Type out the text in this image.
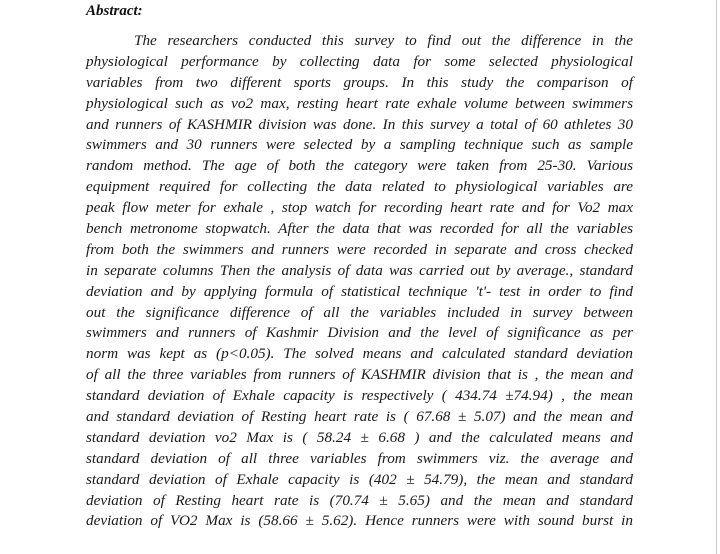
Abstract:
The researchers conducted this survey to find out the difference in the
physiological performance by collecting data for some selected physiological
variables from two different sports groups. In this study the comparison of
physiological such as vo2 max, resting heart rate exhale volume between swimmers
and runners of KASHMIR division was done. In this survey a total of 60 athletes 30
swimmers and 30 runners were selected by a sampling technique such as sample
random method. The age of both the category were taken from 25-30. Various
equipment required for collecting the data related to physiological variables are
peak flow meter for exhale , stop watch for recording heart rate and for Vo2 max
bench metronome stopwatch. After the data that was recorded for all the variables
from both the swimmers and runners were recorded in separate and cross checked
in separate columns Then the analysis of data was carried out by average., standard
deviation and by applying formula of statistical technique 't'- test in order to find
out the significance difference of all the variables included in survey between
swimmers and runners of Kashmir Division and the level of significance as per
norm was kept as (p<0.05). The solved means and calculated standard deviation
of all the three variables from runners of KASHMIR division that is , the mean and
standard deviation of Exhale capacity is respectively ( 434.74 ±74.94) , the mean
and standard deviation of Resting heart rate is ( 67.68 ± 5.07) and the mean and
standard deviation vo2 Max is ( 58.24 ± 6.68 ) and the calculated means and
standard deviation of all three variables from swimmers viz. the average and
standard deviation of Exhale capacity is (402 ± 54.79), the mean and standard
deviation of Resting heart rate is (70.74 ± 5.65) and the mean and standard
deviation of VO2 Max is (58.66 ± 5.62). Hence runners were with sound burst in
